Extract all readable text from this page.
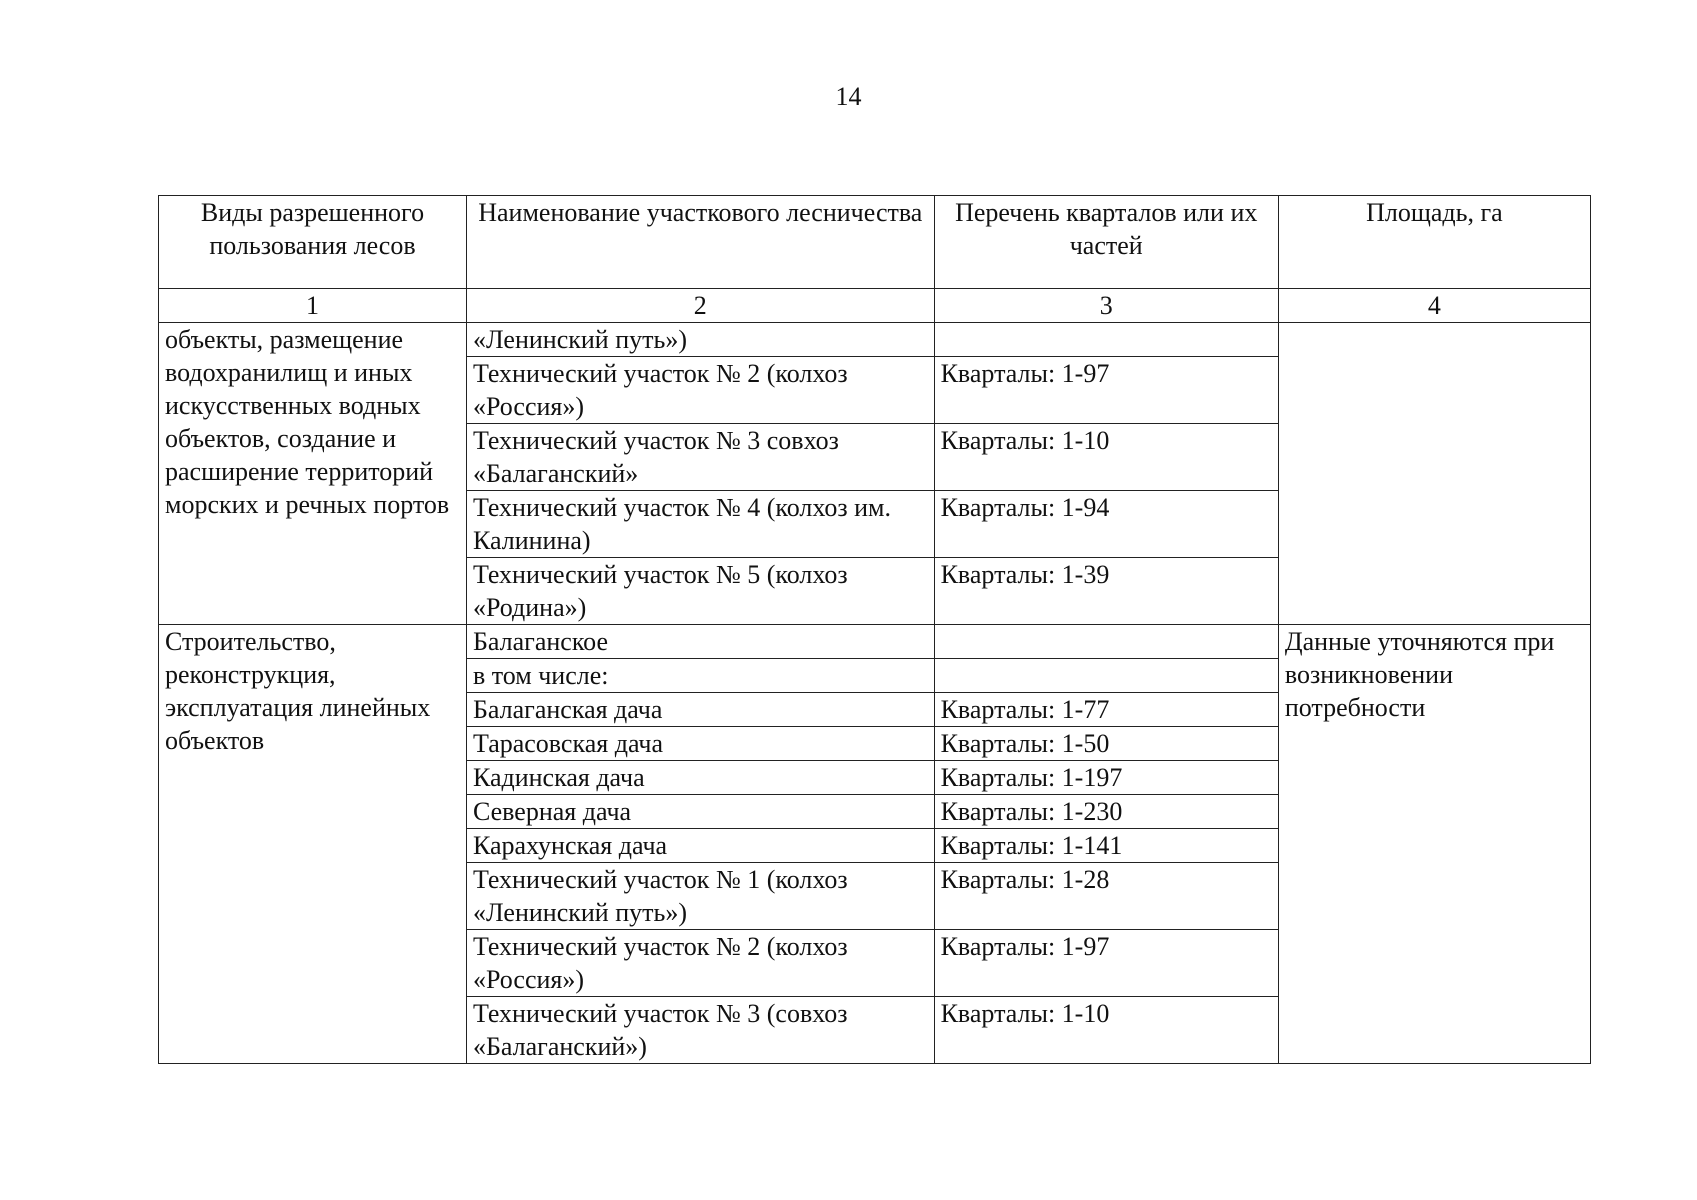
14
Виды разрешенного пользования лесов	Наименование участкового лесничества	Перечень кварталов или их частей	Площадь, га
1	2	3	4
объекты, размещение водохранилищ и иных искусственных водных объектов, создание и расширение территорий морских и речных портов	«Ленинский путь»)		
	Технический участок № 2 (колхоз «Россия»)	Кварталы: 1-97	
	Технический участок № 3 совхоз «Балаганский»	Кварталы: 1-10	
	Технический участок № 4 (колхоз им. Калинина)	Кварталы: 1-94	
	Технический участок № 5 (колхоз «Родина»)	Кварталы: 1-39	
Строительство, реконструкция, эксплуатация линейных объектов	Балаганское		Данные уточняются при возникновении потребности
	в том числе:		
	Балаганская дача	Кварталы: 1-77	
	Тарасовская дача	Кварталы: 1-50	
	Кадинская дача	Кварталы: 1-197	
	Северная дача	Кварталы: 1-230	
	Карахунская дача	Кварталы: 1-141	
	Технический участок № 1 (колхоз «Ленинский путь»)	Кварталы: 1-28	
	Технический участок № 2 (колхоз «Россия»)	Кварталы: 1-97	
	Технический участок № 3 (совхоз «Балаганский»)	Кварталы: 1-10	
